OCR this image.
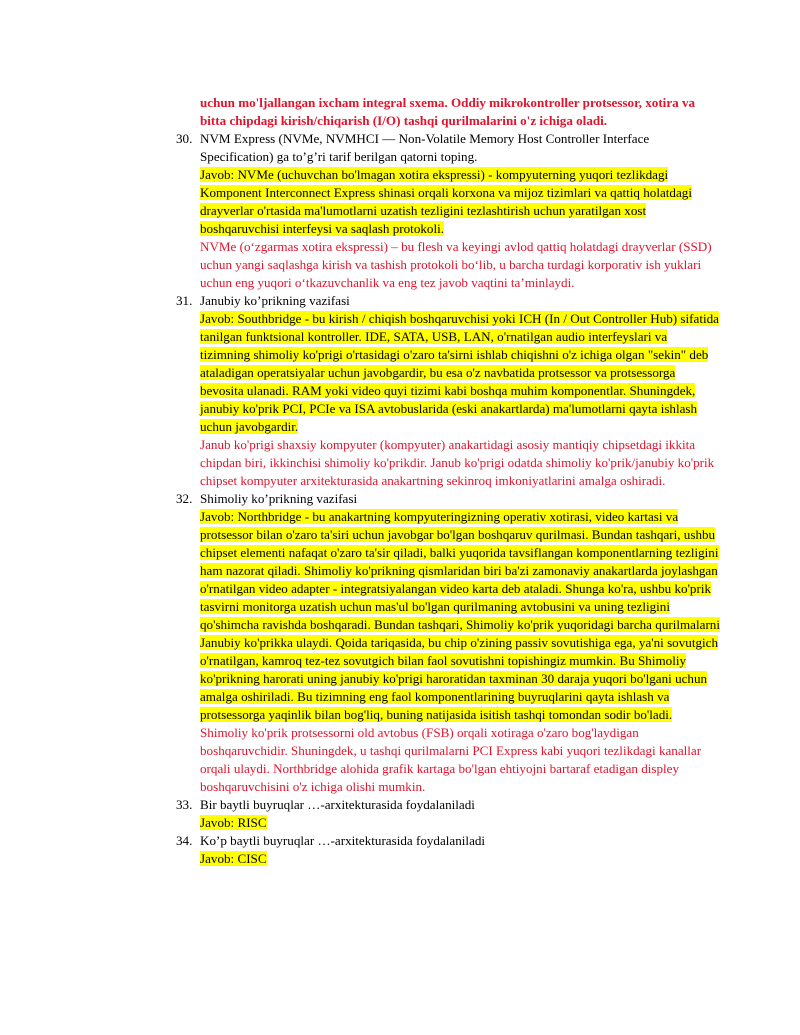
uchun mo'ljallangan ixcham integral sxema. Oddiy mikrokontroller protsessor, xotira va bitta chipdagi kirish/chiqarish (I/O) tashqi qurilmalarini o'z ichiga oladi.

30. NVM Express (NVMe, NVMHCI — Non-Volatile Memory Host Controller Interface Specification) ga to’g’ri tarif berilgan qatorni toping.

Javob: NVMe (uchuvchan bo'lmagan xotira ekspressi) - kompyuterning yuqori tezlikdagi Komponent Interconnect Express shinasi orqali korxona va mijoz tizimlari va qattiq holatdagi drayverlar o'rtasida ma'lumotlarni uzatish tezligini tezlashtirish uchun yaratilgan xost boshqaruvchisi interfeysi va saqlash protokoli.

NVMe (o‘zgarmas xotira ekspressi) – bu flesh va keyingi avlod qattiq holatdagi drayverlar (SSD) uchun yangi saqlashga kirish va tashish protokoli bo‘lib, u barcha turdagi korporativ ish yuklari uchun eng yuqori o‘tkazuvchanlik va eng tez javob vaqtini taʼminlaydi.

31. Janubiy ko’prikning vazifasi

Javob: Southbridge - bu kirish / chiqish boshqaruvchisi yoki ICH (In / Out Controller Hub) sifatida tanilgan funktsional kontroller. IDE, SATA, USB, LAN, o'rnatilgan audio interfeyslari va tizimning shimoliy ko'prigi o'rtasidagi o'zaro ta'sirni ishlab chiqishni o'z ichiga olgan "sekin" deb ataladigan operatsiyalar uchun javobgardir, bu esa o'z navbatida protsessor va protsessorga bevosita ulanadi. RAM yoki video quyi tizimi kabi boshqa muhim komponentlar. Shuningdek, janubiy ko'prik PCI, PCIe va ISA avtobuslarida (eski anakartlarda) ma'lumotlarni qayta ishlash uchun javobgardir.

Janub ko'prigi shaxsiy kompyuter (kompyuter) anakartidagi asosiy mantiqiy chipsetdagi ikkita chipdan biri, ikkinchisi shimoliy ko'prikdir. Janub ko'prigi odatda shimoliy ko'prik/janubiy ko'prik chipset kompyuter arxitekturasida anakartning sekinroq imkoniyatlarini amalga oshiradi.

32. Shimoliy ko’prikning vazifasi

Javob: Northbridge - bu anakartning kompyuteringizning operativ xotirasi, video kartasi va protsessor bilan o'zaro ta'siri uchun javobgar bo'lgan boshqaruv qurilmasi. Bundan tashqari, ushbu chipset elementi nafaqat o'zaro ta'sir qiladi, balki yuqorida tavsiflangan komponentlarning tezligini ham nazorat qiladi. Shimoliy ko'prikning qismlaridan biri ba'zi zamonaviy anakartlarda joylashgan o'rnatilgan video adapter - integratsiyalangan video karta deb ataladi. Shunga ko'ra, ushbu ko'prik tasvirni monitorga uzatish uchun mas'ul bo'lgan qurilmaning avtobusini va uning tezligini qo'shimcha ravishda boshqaradi. Bundan tashqari, Shimoliy ko'prik yuqoridagi barcha qurilmalarni Janubiy ko'prikka ulaydi. Qoida tariqasida, bu chip o'zining passiv sovutishiga ega, ya'ni sovutgich o'rnatilgan, kamroq tez-tez sovutgich bilan faol sovutishni topishingiz mumkin. Bu Shimoliy ko'prikning harorati uning janubiy ko'prigi haroratidan taxminan 30 daraja yuqori bo'lgani uchun amalga oshiriladi. Bu tizimning eng faol komponentlarining buyruqlarini qayta ishlash va protsessorga yaqinlik bilan bog'liq, buning natijasida isitish tashqi tomondan sodir bo'ladi.

Shimoliy ko'prik protsessorni old avtobus (FSB) orqali xotiraga o'zaro bog'laydigan boshqaruvchidir. Shuningdek, u tashqi qurilmalarni PCI Express kabi yuqori tezlikdagi kanallar orqali ulaydi. Northbridge alohida grafik kartaga bo'lgan ehtiyojni bartaraf etadigan displey boshqaruvchisini o'z ichiga olishi mumkin.

33. Bir baytli buyruqlar …-arxitekturasida foydalaniladi

Javob: RISC

34. Ko’p baytli buyruqlar …-arxitekturasida foydalaniladi

Javob: CISC
